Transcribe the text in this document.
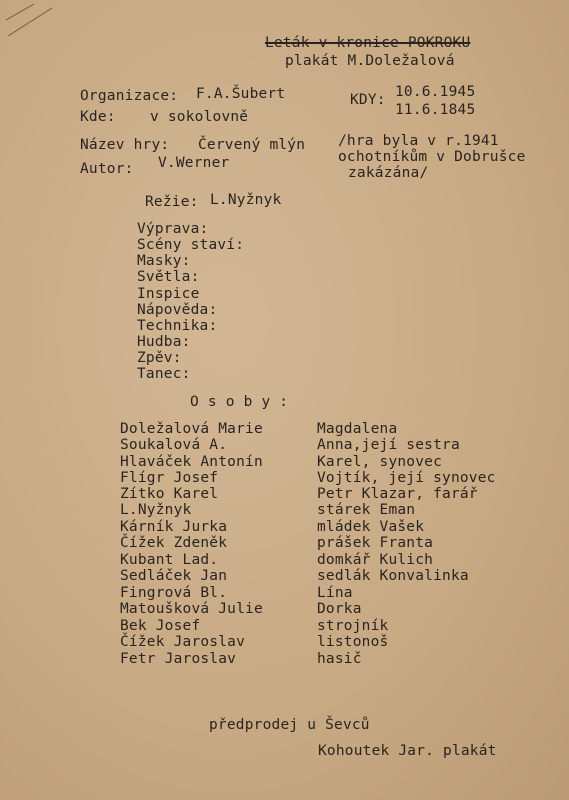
Leták v kronice POKROKU
plakát M.Doležalová
Organizace: F.A.Šubert	KDY: 10.6.1945
11.6.1845
Kde: v sokolovně
Název hry: Červený mlýn
Autor: V.Werner
/hra byla v r.1941
ochotníkům v Dobrušce
zakázána/
Režie: L.Nyžnyk
Výprava:
Scény staví:
Masky:
Světla:
Inspice
Nápověda:
Technika:
Hudba:
Zpěv:
Tanec:
O s o b y :
Doležalová Marie
Soukalová A.
Hlaváček Antonín
Flígr Josef
Zítko Karel
L.Nyžnyk
Kárník Jurka
Čížek Zdeněk
Kubant Lad.
Sedláček Jan
Fingrová Bl.
Matoušková Julie
Bek Josef
Čížek Jaroslav
Fetr Jaroslav
Magdalena
Anna,její sestra
Karel, synovec
Vojtík, její synovec
Petr Klazar, farář
stárek Eman
mládek Vašek
prášek Franta
domkář Kulich
sedlák Konvalinka
Lína
Dorka
strojník
listonoš
hasič
předprodej u Ševců
Kohoutek Jar. plakát
